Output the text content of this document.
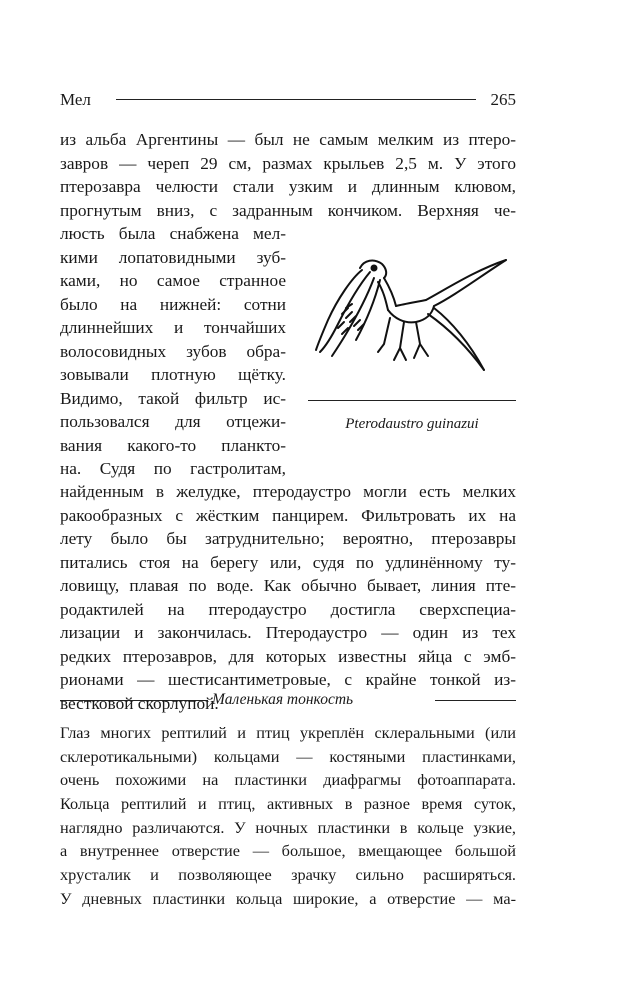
Мел	265
из альба Аргентины — был не самым мелким из птеро-
завров — череп 29 см, размах крыльев 2,5 м. У этого
птерозавра челюсти стали узким и длинным клювом,
прогнутым вниз, с задранным кончиком. Верхняя че-
люсть была снабжена мел-
кими лопатовидными зуб-
ками, но самое странное
было на нижней: сотни
длиннейших и тончайших
волосовидных зубов обра-
зовывали плотную щётку.
Видимо, такой фильтр ис-
пользовался для отцежи-
вания какого-то планкто-
на. Судя по гастролитам,
найденным в желудке, птеродаустро могли есть мелких
ракообразных с жёстким панцирем. Фильтровать их на
лету было бы затруднительно; вероятно, птерозавры
питались стоя на берегу или, судя по удлинённому ту-
ловищу, плавая по воде. Как обычно бывает, линия пте-
родактилей на птеродаустро достигла сверхспециа-
лизации и закончилась. Птеродаустро — один из тех
редких птерозавров, для которых известны яйца с эмб-
рионами — шестисантиметровые, с крайне тонкой из-
вестковой скорлупой.
Pterodaustro guinazui
Маленькая тонкость
Глаз многих рептилий и птиц укреплён склеральными (или
склеротикальными) кольцами — костяными пластинками,
очень похожими на пластинки диафрагмы фотоаппарата.
Кольца рептилий и птиц, активных в разное время суток,
наглядно различаются. У ночных пластинки в кольце узкие,
а внутреннее отверстие — большое, вмещающее большой
хрусталик и позволяющее зрачку сильно расширяться.
У дневных пластинки кольца широкие, а отверстие — ма-
